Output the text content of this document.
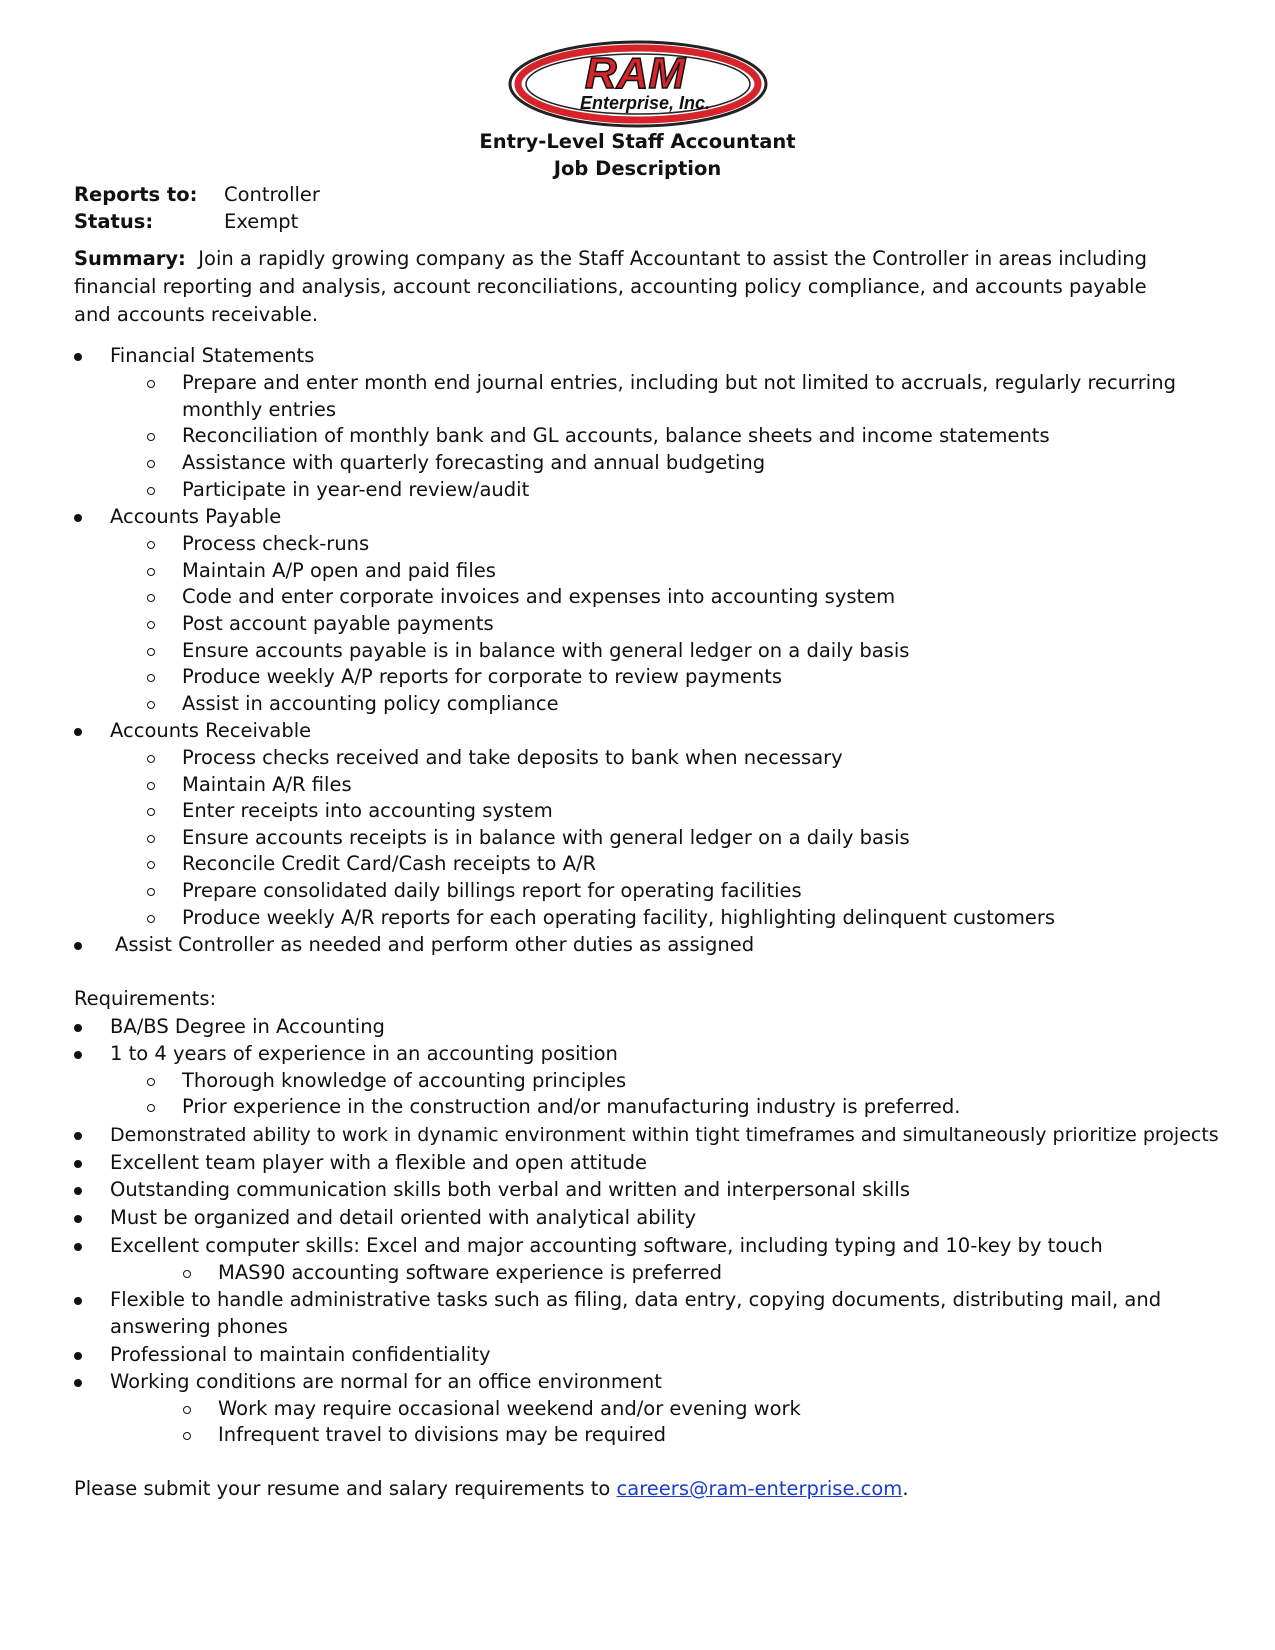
RAM
Enterprise, Inc.
Entry-Level Staff Accountant
Job Description
Reports to: Controller
Status:	Exempt
Summary: Join a rapidly growing company as the Staff Accountant to assist the Controller in areas including financial reporting and analysis, account reconciliations, accounting policy compliance, and accounts payable and accounts receivable.
Financial Statements
Prepare and enter month end journal entries, including but not limited to accruals, regularly recurring
monthly entries
Reconciliation of monthly bank and GL accounts, balance sheets and income statements
Assistance with quarterly forecasting and annual budgeting
Participate in year-end review/audit
Accounts Payable
Process check-runs
Maintain A/P open and paid files
Code and enter corporate invoices and expenses into accounting system
Post account payable payments
Ensure accounts payable is in balance with general ledger on a daily basis
Produce weekly A/P reports for corporate to review payments
Assist in accounting policy compliance
Accounts Receivable
Process checks received and take deposits to bank when necessary
Maintain A/R files
Enter receipts into accounting system
Ensure accounts receipts is in balance with general ledger on a daily basis
Reconcile Credit Card/Cash receipts to A/R
Prepare consolidated daily billings report for operating facilities
Produce weekly A/R reports for each operating facility, highlighting delinquent customers
Assist Controller as needed and perform other duties as assigned
Requirements:
BA/BS Degree in Accounting
1 to 4 years of experience in an accounting position
Thorough knowledge of accounting principles
Prior experience in the construction and/or manufacturing industry is preferred.
Demonstrated ability to work in dynamic environment within tight timeframes and simultaneously prioritize projects
Excellent team player with a flexible and open attitude
Outstanding communication skills both verbal and written and interpersonal skills
Must be organized and detail oriented with analytical ability
Excellent computer skills: Excel and major accounting software, including typing and 10-key by touch
MAS90 accounting software experience is preferred
Flexible to handle administrative tasks such as filing, data entry, copying documents, distributing mail, and
answering phones
Professional to maintain confidentiality
Working conditions are normal for an office environment
Work may require occasional weekend and/or evening work
Infrequent travel to divisions may be required
Please submit your resume and salary requirements to careers@ram-enterprise.com.
